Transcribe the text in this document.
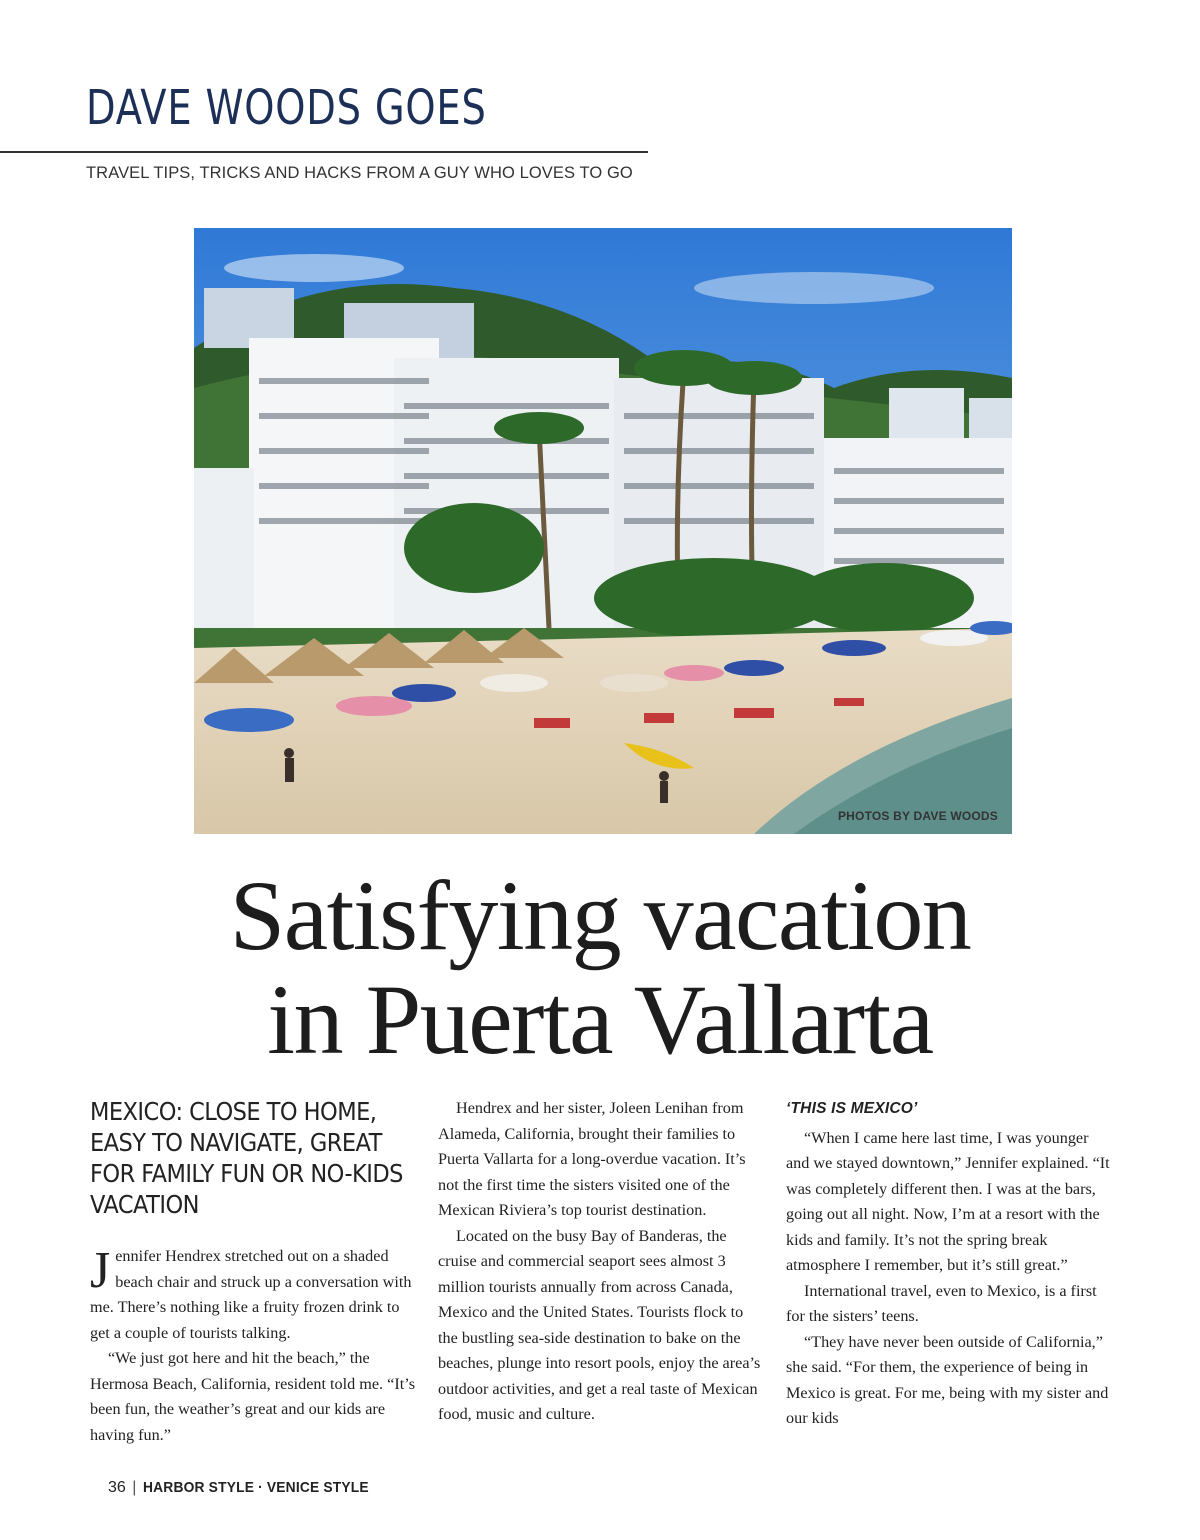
DAVE WOODS GOES

TRAVEL TIPS, TRICKS AND HACKS FROM A GUY WHO LOVES TO GO

PHOTOS BY DAVE WOODS
Satisfying vacation
in Puerta Vallarta
MEXICO: CLOSE TO HOME, EASY TO NAVIGATE, GREAT FOR FAMILY FUN OR NO-KIDS VACATION

Jennifer Hendrex stretched out on a shaded beach chair and struck up a conversation with me. There’s nothing like a fruity frozen drink to get a couple of tourists talking.

“We just got here and hit the beach,” the Hermosa Beach, California, resident told me. “It’s been fun, the weather’s great and our kids are having fun.”

Hendrex and her sister, Joleen Lenihan from Alameda, California, brought their families to Puerta Vallarta for a long-overdue vacation. It’s not the first time the sisters visited one of the Mexican Riviera’s top tourist destination.

Located on the busy Bay of Banderas, the cruise and commercial seaport sees almost 3 million tourists annually from across Canada, Mexico and the United States. Tourists flock to the bustling sea-side destination to bake on the beaches, plunge into resort pools, enjoy the area’s outdoor activities, and get a real taste of Mexican food, music and culture.

‘THIS IS MEXICO’

“When I came here last time, I was younger and we stayed downtown,” Jennifer explained. “It was completely different then. I was at the bars, going out all night. Now, I’m at a resort with the kids and family. It’s not the spring break atmosphere I remember, but it’s still great.”

International travel, even to Mexico, is a first for the sisters’ teens.

“They have never been outside of California,” she said. “For them, the experience of being in Mexico is great. For me, being with my sister and our kids

36 | HARBOR STYLE · VENICE STYLE
